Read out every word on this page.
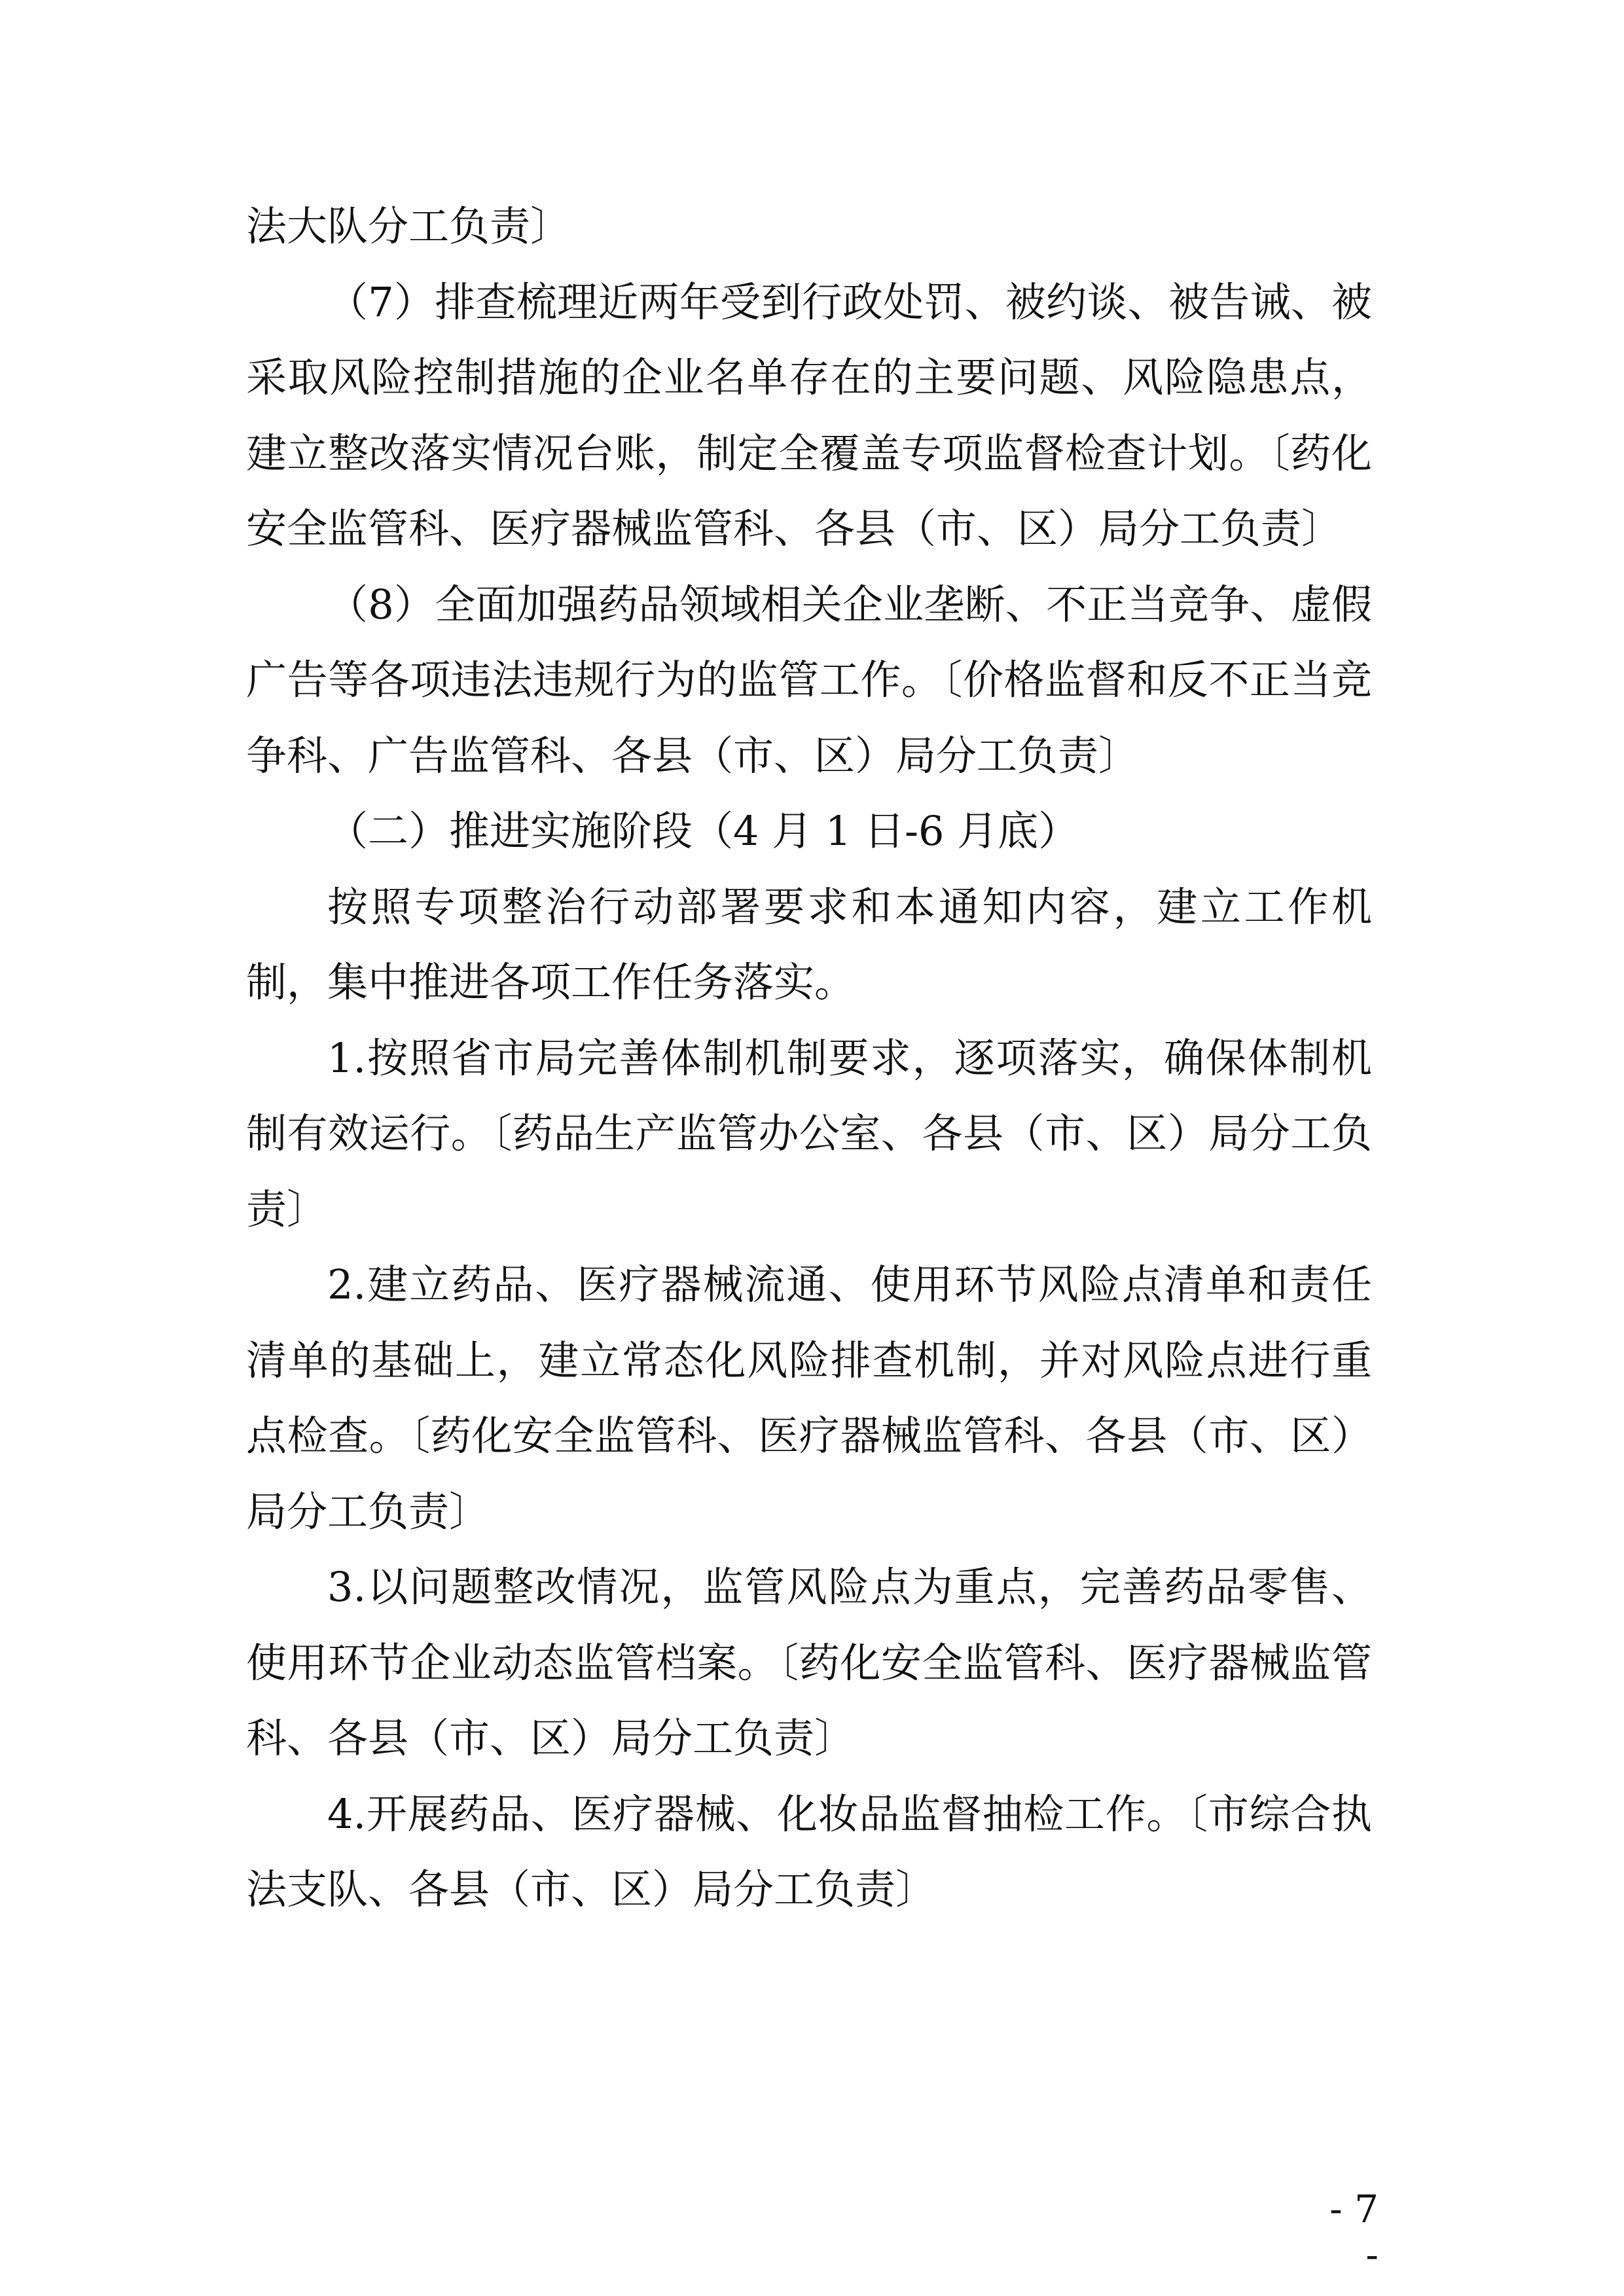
法大队分工负责〕

（7）排查梳理近两年受到行政处罚、被约谈、被告诫、被采取风险控制措施的企业名单存在的主要问题、风险隐患点，建立整改落实情况台账，制定全覆盖专项监督检查计划。〔药化安全监管科、医疗器械监管科、各县（市、区）局分工负责〕

（8）全面加强药品领域相关企业垄断、不正当竞争、虚假广告等各项违法违规行为的监管工作。〔价格监督和反不正当竞争科、广告监管科、各县（市、区）局分工负责〕

（二）推进实施阶段（4 月 1 日-6 月底）

按照专项整治行动部署要求和本通知内容，建立工作机制，集中推进各项工作任务落实。

1.按照省市局完善体制机制要求，逐项落实，确保体制机制有效运行。〔药品生产监管办公室、各县（市、区）局分工负责〕

2.建立药品、医疗器械流通、使用环节风险点清单和责任清单的基础上，建立常态化风险排查机制，并对风险点进行重点检查。〔药化安全监管科、医疗器械监管科、各县（市、区）局分工负责〕

3.以问题整改情况，监管风险点为重点，完善药品零售、使用环节企业动态监管档案。〔药化安全监管科、医疗器械监管科、各县（市、区）局分工负责〕

4.开展药品、医疗器械、化妆品监督抽检工作。〔市综合执法支队、各县（市、区）局分工负责〕

- 7 -
